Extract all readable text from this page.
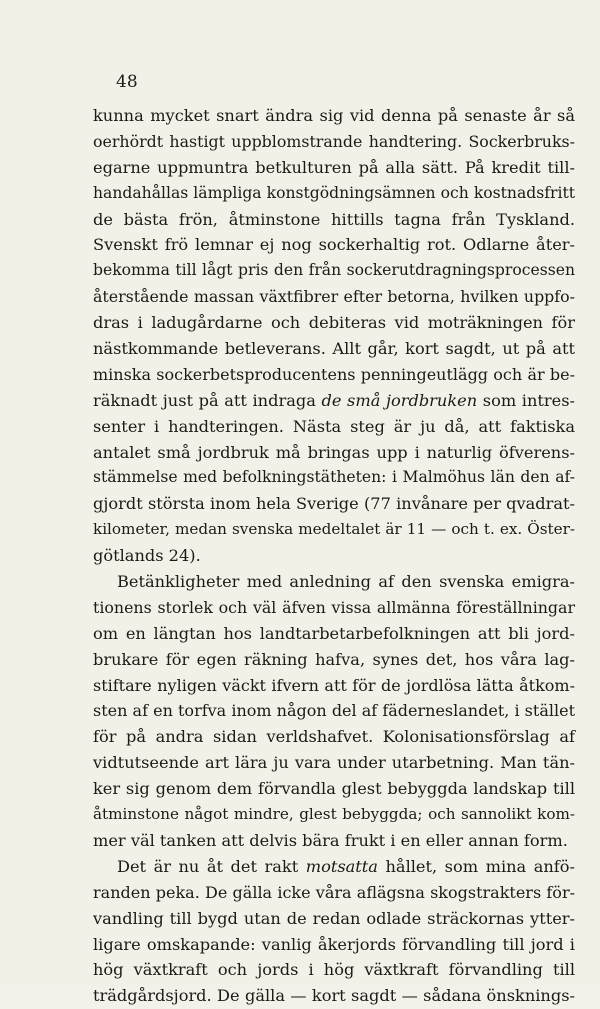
48
kunna mycket snart ändra sig vid denna på senaste år så
oerhördt hastigt uppblomstrande handtering. Sockerbruks-
egarne uppmuntra betkulturen på alla sätt. På kredit till-
handahållas lämpliga konstgödningsämnen och kostnadsfritt
de bästa frön, åtminstone hittills tagna från Tyskland.
Svenskt frö lemnar ej nog sockerhaltig rot. Odlarne åter-
bekomma till lågt pris den från sockerutdragningsprocessen
återstående massan växtfibrer efter betorna, hvilken uppfo-
dras i ladugårdarne och debiteras vid moträkningen för
nästkommande betleverans. Allt går, kort sagdt, ut på att
minska sockerbetsproducentens penningeutlägg och är be-
räknadt just på att indraga de små jordbruken som intres-
senter i handteringen. Nästa steg är ju då, att faktiska
antalet små jordbruk må bringas upp i naturlig öfverens-
stämmelse med befolkningstätheten: i Malmöhus län den af-
gjordt största inom hela Sverige (77 invånare per qvadrat-
kilometer, medan svenska medeltalet är 11 — och t. ex. Öster-
götlands 24).
Betänkligheter med anledning af den svenska emigra-
tionens storlek och väl äfven vissa allmänna föreställningar
om en längtan hos landtarbetarbefolkningen att bli jord-
brukare för egen räkning hafva, synes det, hos våra lag-
stiftare nyligen väckt ifvern att för de jordlösa lätta åtkom-
sten af en torfva inom någon del af fäderneslandet, i stället
för på andra sidan verldshafvet. Kolonisationsförslag af
vidtutseende art lära ju vara under utarbetning. Man tän-
ker sig genom dem förvandla glest bebyggda landskap till
åtminstone något mindre, glest bebyggda; och sannolikt kom-
mer väl tanken att delvis bära frukt i en eller annan form.
Det är nu åt det rakt motsatta hållet, som mina anfö-
randen peka. De gälla icke våra aflägsna skogstrakters för-
vandling till bygd utan de redan odlade sträckornas ytter-
ligare omskapande: vanlig åkerjords förvandling till jord i
hög växtkraft och jords i hög växtkraft förvandling till
trädgårdsjord. De gälla — kort sagdt — sådana önsknings-
